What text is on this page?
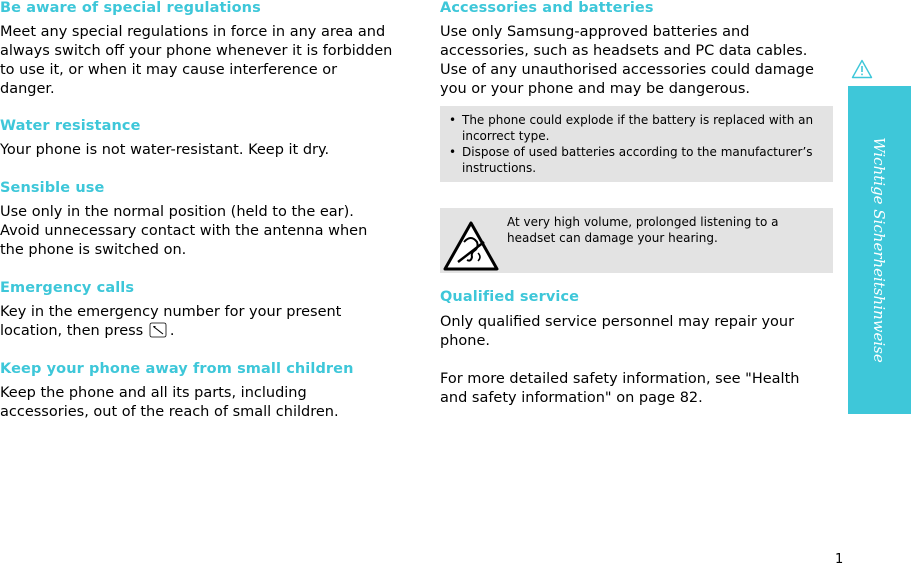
Be aware of special regulations

Meet any special regulations in force in any area and always switch off your phone whenever it is forbidden to use it, or when it may cause interference or danger.

Water resistance

Your phone is not water-resistant. Keep it dry.

Sensible use

Use only in the normal position (held to the ear). Avoid unnecessary contact with the antenna when the phone is switched on.

Emergency calls

Key in the emergency number for your present location, then press .

Keep your phone away from small children

Keep the phone and all its parts, including accessories, out of the reach of small children.

Accessories and batteries

Use only Samsung-approved batteries and accessories, such as headsets and PC data cables. Use of any unauthorised accessories could damage you or your phone and may be dangerous.

• The phone could explode if the battery is replaced with an incorrect type.
• Dispose of used batteries according to the manufacturer’s instructions.
At very high volume, prolonged listening to a headset can damage your hearing.
Qualified service

Only qualified service personnel may repair your phone.

For more detailed safety information, see "Health and safety information" on page 82.

Wichtige Sicherheitshinweise
1
